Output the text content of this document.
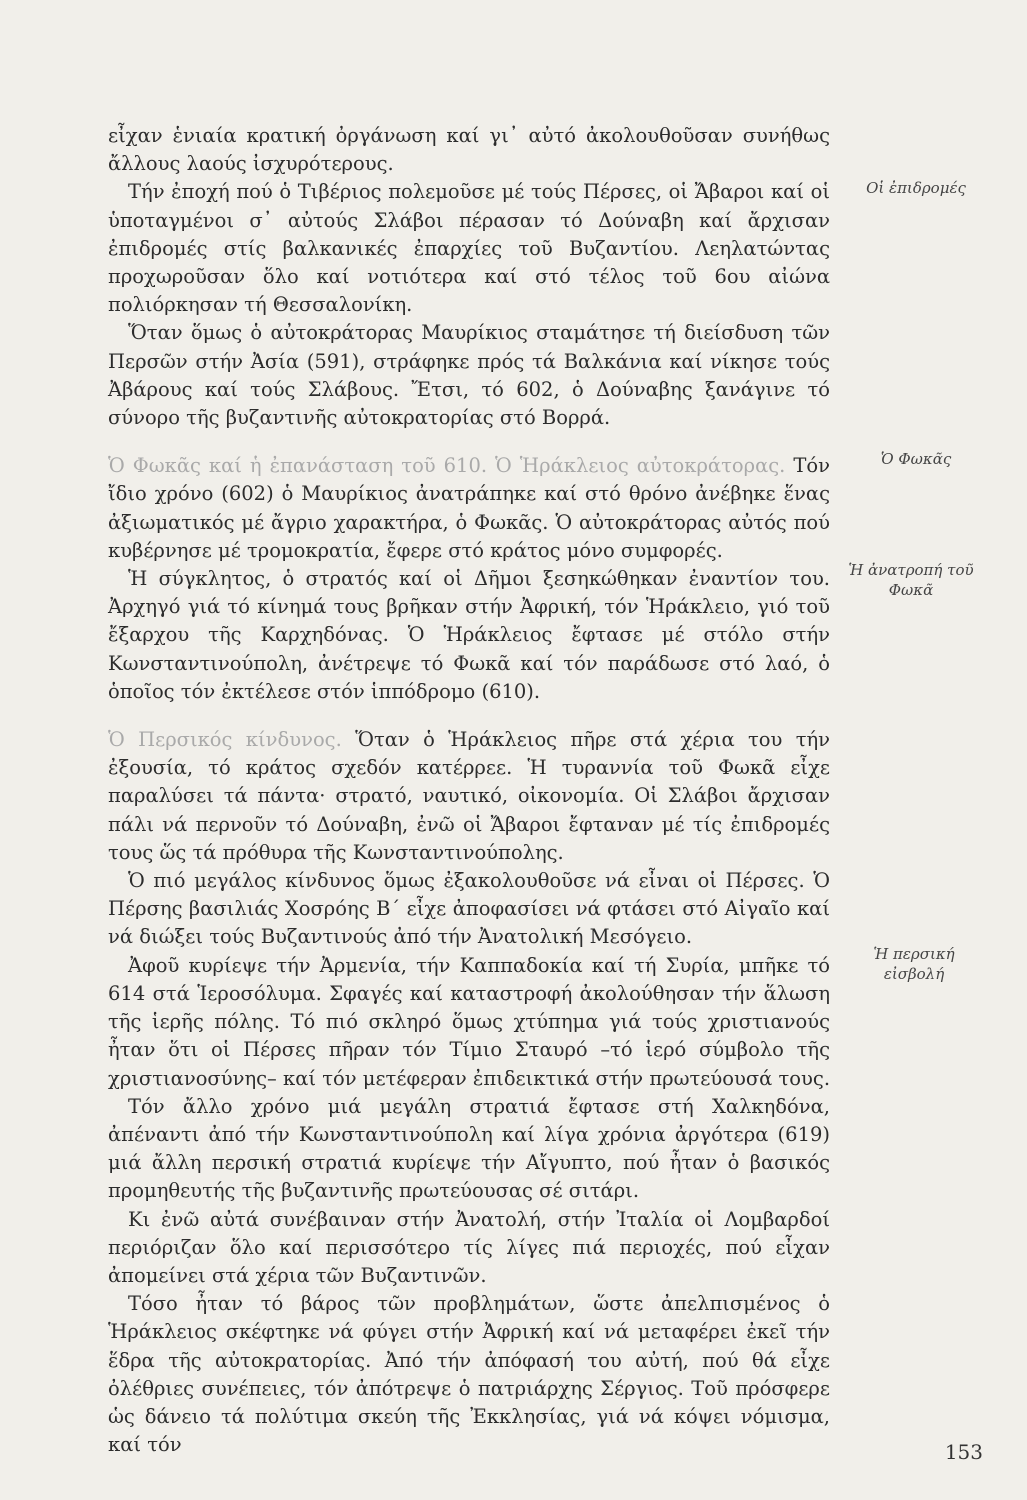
εἶχαν ἑνιαία κρατική ὀργάνωση καί γι᾽ αὐτό ἀκολουθοῦσαν συνήθως ἄλλους λαούς ἰσχυρότερους.

Τήν ἐποχή πού ὁ Τιβέριος πολεμοῦσε μέ τούς Πέρσες, οἱ Ἄβαροι καί οἱ ὑποταγμένοι σ᾽ αὐτούς Σλάβοι πέρασαν τό Δούναβη καί ἄρχισαν ἐπιδρομές στίς βαλκανικές ἐπαρχίες τοῦ Βυζαντίου. Λεηλατώντας προχωροῦσαν ὅλο καί νοτιότερα καί στό τέλος τοῦ 6ου αἰώνα πολιόρκησαν τή Θεσσαλονίκη.

Ὅταν ὅμως ὁ αὐτοκράτορας Μαυρίκιος σταμάτησε τή διείσδυση τῶν Περσῶν στήν Ἀσία (591), στράφηκε πρός τά Βαλκάνια καί νίκησε τούς Ἀβάρους καί τούς Σλάβους. Ἔτσι, τό 602, ὁ Δούναβης ξανάγινε τό σύνορο τῆς βυζαντινῆς αὐτοκρατορίας στό Βορρά.

Ὁ Φωκᾶς καί ἡ ἐπανάσταση τοῦ 610. Ὁ Ἡράκλειος αὐτοκράτορας. Τόν ἴδιο χρόνο (602) ὁ Μαυρίκιος ἀνατράπηκε καί στό θρόνο ἀνέβηκε ἕνας ἀξιωματικός μέ ἄγριο χαρακτήρα, ὁ Φωκᾶς. Ὁ αὐτοκράτορας αὐτός πού κυβέρνησε μέ τρομοκρατία, ἔφερε στό κράτος μόνο συμφορές.

Ἡ σύγκλητος, ὁ στρατός καί οἱ Δῆμοι ξεσηκώθηκαν ἐναντίον του. Ἀρχηγό γιά τό κίνημά τους βρῆκαν στήν Ἀφρική, τόν Ἡράκλειο, γιό τοῦ ἔξαρχου τῆς Καρχηδόνας. Ὁ Ἡράκλειος ἔφτασε μέ στόλο στήν Κωνσταντινούπολη, ἀνέτρεψε τό Φωκᾶ καί τόν παράδωσε στό λαό, ὁ ὁποῖος τόν ἐκτέλεσε στόν ἱππόδρομο (610).

Ὁ Περσικός κίνδυνος. Ὅταν ὁ Ἡράκλειος πῆρε στά χέρια του τήν ἐξουσία, τό κράτος σχεδόν κατέρρεε. Ἡ τυραννία τοῦ Φωκᾶ εἶχε παραλύσει τά πάντα· στρατό, ναυτικό, οἰκονομία. Οἱ Σλάβοι ἄρχισαν πάλι νά περνοῦν τό Δούναβη, ἐνῶ οἱ Ἄβαροι ἔφταναν μέ τίς ἐπιδρομές τους ὥς τά πρόθυρα τῆς Κωνσταντινούπολης.

Ὁ πιό μεγάλος κίνδυνος ὅμως ἐξακολουθοῦσε νά εἶναι οἱ Πέρσες. Ὁ Πέρσης βασιλιάς Χοσρόης Β´ εἶχε ἀποφασίσει νά φτάσει στό Αἰγαῖο καί νά διώξει τούς Βυζαντινούς ἀπό τήν Ἀνατολική Μεσόγειο.

Ἀφοῦ κυρίεψε τήν Ἀρμενία, τήν Καππαδοκία καί τή Συρία, μπῆκε τό 614 στά Ἱεροσόλυμα. Σφαγές καί καταστροφή ἀκολούθησαν τήν ἅλωση τῆς ἱερῆς πόλης. Τό πιό σκληρό ὅμως χτύπημα γιά τούς χριστιανούς ἦταν ὅτι οἱ Πέρσες πῆραν τόν Τίμιο Σταυρό –τό ἱερό σύμβολο τῆς χριστιανοσύνης– καί τόν μετέφεραν ἐπιδεικτικά στήν πρωτεύουσά τους.

Τόν ἄλλο χρόνο μιά μεγάλη στρατιά ἔφτασε στή Χαλκηδόνα, ἀπέναντι ἀπό τήν Κωνσταντινούπολη καί λίγα χρόνια ἀργότερα (619) μιά ἄλλη περσική στρατιά κυρίεψε τήν Αἴγυπτο, πού ἦταν ὁ βασικός προμηθευτής τῆς βυζαντινῆς πρωτεύουσας σέ σιτάρι.

Κι ἐνῶ αὐτά συνέβαιναν στήν Ἀνατολή, στήν Ἰταλία οἱ Λομβαρδοί περιόριζαν ὅλο καί περισσότερο τίς λίγες πιά περιοχές, πού εἶχαν ἀπομείνει στά χέρια τῶν Βυζαντινῶν.

Τόσο ἦταν τό βάρος τῶν προβλημάτων, ὥστε ἀπελπισμένος ὁ Ἡράκλειος σκέφτηκε νά φύγει στήν Ἀφρική καί νά μεταφέρει ἐκεῖ τήν ἕδρα τῆς αὐτοκρατορίας. Ἀπό τήν ἀπόφασή του αὐτή, πού θά εἶχε ὀλέθριες συνέπειες, τόν ἀπότρεψε ὁ πατριάρχης Σέργιος. Τοῦ πρόσφερε ὡς δάνειο τά πολύτιμα σκεύη τῆς Ἐκκλησίας, γιά νά κόψει νόμισμα, καί τόν

Οἱ ἐπιδρομές
Ὁ Φωκᾶς
Ἡ ἀνατροπή τοῦ Φωκᾶ
Ἡ περσική εἰσβολή
153
